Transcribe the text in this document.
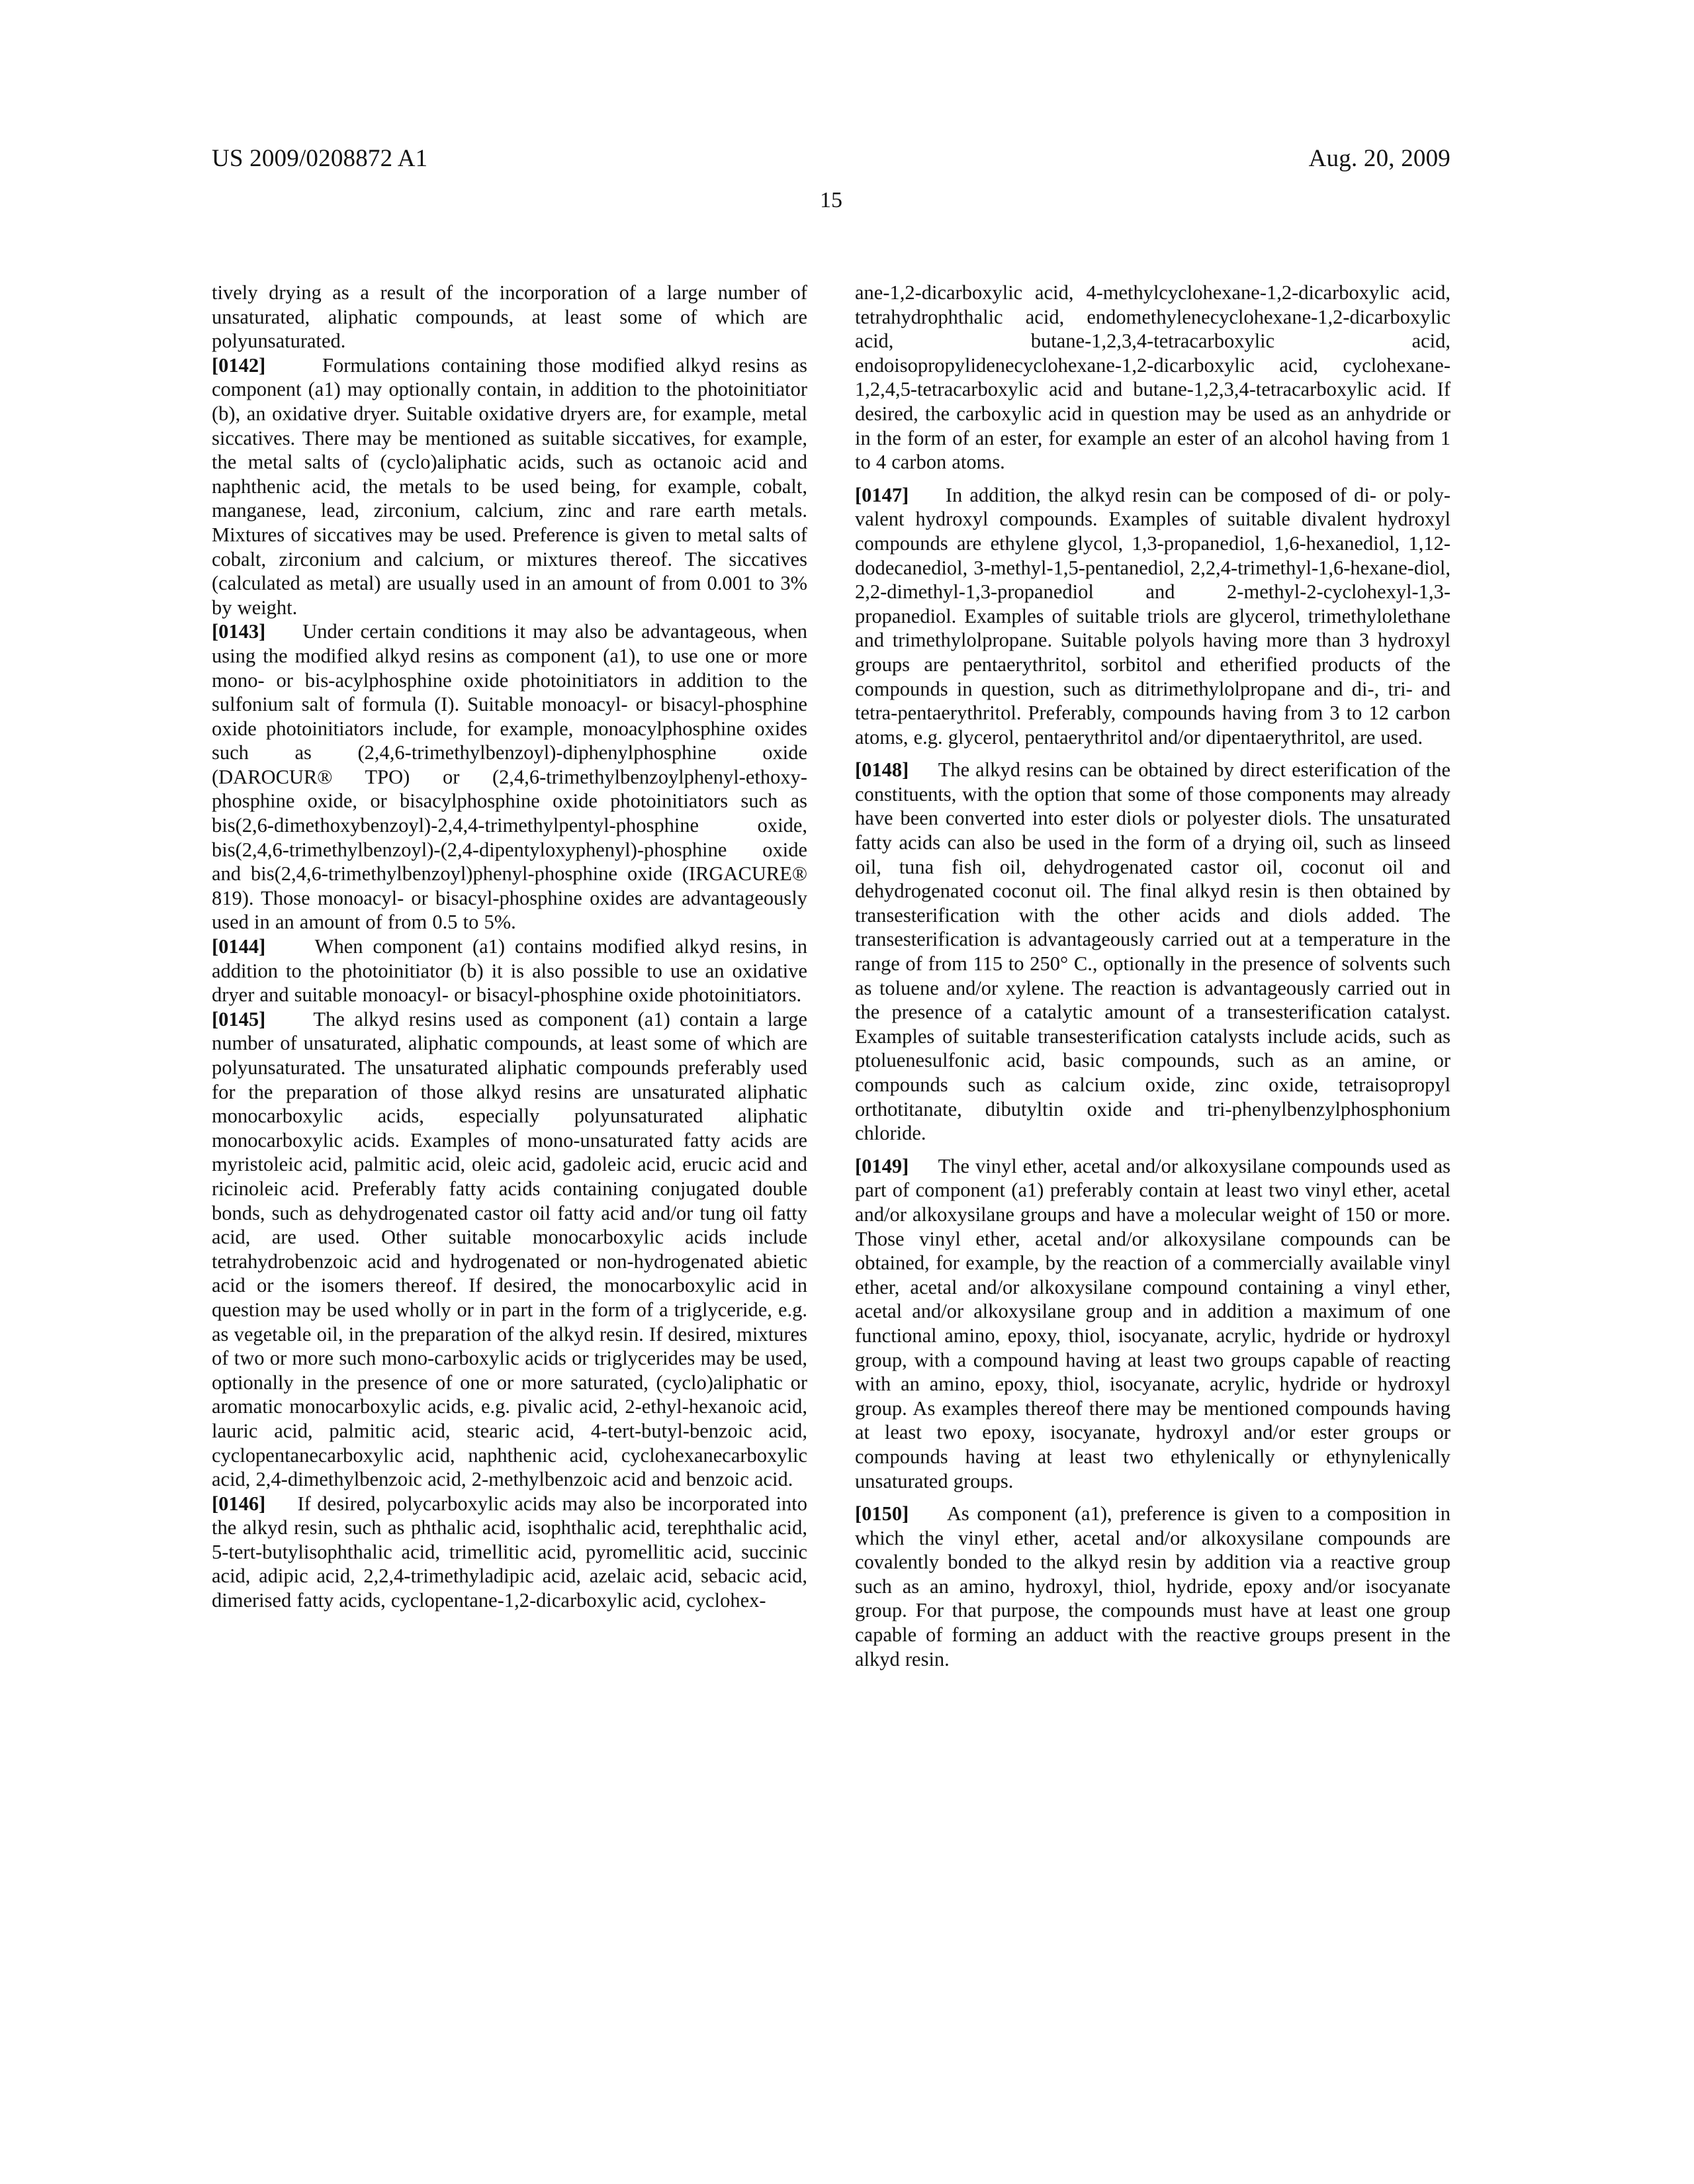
US 2009/0208872 A1	Aug. 20, 2009
15

tively drying as a result of the incorporation of a large number of unsaturated, aliphatic compounds, at least some of which are polyunsaturated.

[0142]	Formulations containing those modified alkyd resins as component (a1) may optionally contain, in addition to the photoinitiator (b), an oxidative dryer. Suitable oxidative dryers are, for example, metal siccatives. There may be mentioned as suitable siccatives, for example, the metal salts of (cyclo)aliphatic acids, such as octanoic acid and naphthenic acid, the metals to be used being, for example, cobalt, manganese, lead, zirconium, calcium, zinc and rare earth metals. Mixtures of siccatives may be used. Preference is given to metal salts of cobalt, zirconium and calcium, or mixtures thereof. The siccatives (calculated as metal) are usually used in an amount of from 0.001 to 3% by weight.

[0143] Under certain conditions it may also be advantageous, when using the modified alkyd resins as component (a1), to use one or more mono- or bis-acylphosphine oxide photoinitiators in addition to the sulfonium salt of formula (I). Suitable monoacyl- or bisacyl-phosphine oxide photoinitiators include, for example, monoacylphosphine oxides such as (2,4,6-trimethylbenzoyl)-diphenylphosphine oxide (DAROCUR® TPO) or (2,4,6-trimethylbenzoylphenyl-ethoxy-phosphine oxide, or bisacylphosphine oxide photoinitiators such as bis(2,6-dimethoxybenzoyl)-2,4,4-trimethylpentyl-phosphine oxide, bis(2,4,6-trimethylbenzoyl)-(2,4-dipentyloxyphenyl)-phosphine oxide and bis(2,4,6-trimethylbenzoyl)phenyl-phosphine oxide (IRGACURE® 819). Those monoacyl- or bisacyl-phosphine oxides are advantageously used in an amount of from 0.5 to 5%.

[0144] When component (a1) contains modified alkyd resins, in addition to the photoinitiator (b) it is also possible to use an oxidative dryer and suitable monoacyl- or bisacyl-phosphine oxide photoinitiators.

[0145] The alkyd resins used as component (a1) contain a large number of unsaturated, aliphatic compounds, at least some of which are polyunsaturated. The unsaturated aliphatic compounds preferably used for the preparation of those alkyd resins are unsaturated aliphatic monocarboxylic acids, especially polyunsaturated aliphatic monocarboxylic acids. Examples of mono-unsaturated fatty acids are myristoleic acid, palmitic acid, oleic acid, gadoleic acid, erucic acid and ricinoleic acid. Preferably fatty acids containing conjugated double bonds, such as dehydrogenated castor oil fatty acid and/or tung oil fatty acid, are used. Other suitable monocarboxylic acids include tetrahydrobenzoic acid and hydrogenated or non-hydrogenated abietic acid or the isomers thereof. If desired, the monocarboxylic acid in question may be used wholly or in part in the form of a triglyceride, e.g. as vegetable oil, in the preparation of the alkyd resin. If desired, mixtures of two or more such mono-carboxylic acids or triglycerides may be used, optionally in the presence of one or more saturated, (cyclo)aliphatic or aromatic monocarboxylic acids, e.g. pivalic acid, 2-ethyl-hexanoic acid, lauric acid, palmitic acid, stearic acid, 4-tert-butyl-benzoic acid, cyclopentanecarboxylic acid, naphthenic acid, cyclohexanecarboxylic acid, 2,4-dimethylbenzoic acid, 2-methylbenzoic acid and benzoic acid.

[0146] If desired, polycarboxylic acids may also be incorporated into the alkyd resin, such as phthalic acid, isophthalic acid, terephthalic acid, 5-tert-butylisophthalic acid, trimellitic acid, pyromellitic acid, succinic acid, adipic acid, 2,2,4-trimethyladipic acid, azelaic acid, sebacic acid, dimerised fatty acids, cyclopentane-1,2-dicarboxylic acid, cyclohex-

ane-1,2-dicarboxylic acid, 4-methylcyclohexane-1,2-dicarboxylic acid, tetrahydrophthalic acid, endomethylenecyclohexane-1,2-dicarboxylic acid, butane-1,2,3,4-tetracarboxylic acid, endoisopropylidenecyclohexane-1,2-dicarboxylic acid, cyclohexane-1,2,4,5-tetracarboxylic acid and butane-1,2,3,4-tetracarboxylic acid. If desired, the carboxylic acid in question may be used as an anhydride or in the form of an ester, for example an ester of an alcohol having from 1 to 4 carbon atoms.

[0147] In addition, the alkyd resin can be composed of di- or poly-valent hydroxyl compounds. Examples of suitable divalent hydroxyl compounds are ethylene glycol, 1,3-propanediol, 1,6-hexanediol, 1,12-dodecanediol, 3-methyl-1,5-pentanediol, 2,2,4-trimethyl-1,6-hexane-diol, 2,2-dimethyl-1,3-propanediol and 2-methyl-2-cyclohexyl-1,3-propanediol. Examples of suitable triols are glycerol, trimethylolethane and trimethylolpropane. Suitable polyols having more than 3 hydroxyl groups are pentaerythritol, sorbitol and etherified products of the compounds in question, such as ditrimethylolpropane and di-, tri- and tetra-pentaerythritol. Preferably, compounds having from 3 to 12 carbon atoms, e.g. glycerol, pentaerythritol and/or dipentaerythritol, are used.

[0148] The alkyd resins can be obtained by direct esterification of the constituents, with the option that some of those components may already have been converted into ester diols or polyester diols. The unsaturated fatty acids can also be used in the form of a drying oil, such as linseed oil, tuna fish oil, dehydrogenated castor oil, coconut oil and dehydrogenated coconut oil. The final alkyd resin is then obtained by transesterification with the other acids and diols added. The transesterification is advantageously carried out at a temperature in the range of from 115 to 250° C., optionally in the presence of solvents such as toluene and/or xylene. The reaction is advantageously carried out in the presence of a catalytic amount of a transesterification catalyst. Examples of suitable transesterification catalysts include acids, such as ptoluenesulfonic acid, basic compounds, such as an amine, or compounds such as calcium oxide, zinc oxide, tetraisopropyl orthotitanate, dibutyltin oxide and tri-phenylbenzylphosphonium chloride.

[0149] The vinyl ether, acetal and/or alkoxysilane compounds used as part of component (a1) preferably contain at least two vinyl ether, acetal and/or alkoxysilane groups and have a molecular weight of 150 or more. Those vinyl ether, acetal and/or alkoxysilane compounds can be obtained, for example, by the reaction of a commercially available vinyl ether, acetal and/or alkoxysilane compound containing a vinyl ether, acetal and/or alkoxysilane group and in addition a maximum of one functional amino, epoxy, thiol, isocyanate, acrylic, hydride or hydroxyl group, with a compound having at least two groups capable of reacting with an amino, epoxy, thiol, isocyanate, acrylic, hydride or hydroxyl group. As examples thereof there may be mentioned compounds having at least two epoxy, isocyanate, hydroxyl and/or ester groups or compounds having at least two ethylenically or ethynylenically unsaturated groups.

[0150] As component (a1), preference is given to a composition in which the vinyl ether, acetal and/or alkoxysilane compounds are covalently bonded to the alkyd resin by addition via a reactive group such as an amino, hydroxyl, thiol, hydride, epoxy and/or isocyanate group. For that purpose, the compounds must have at least one group capable of forming an adduct with the reactive groups present in the alkyd resin.
